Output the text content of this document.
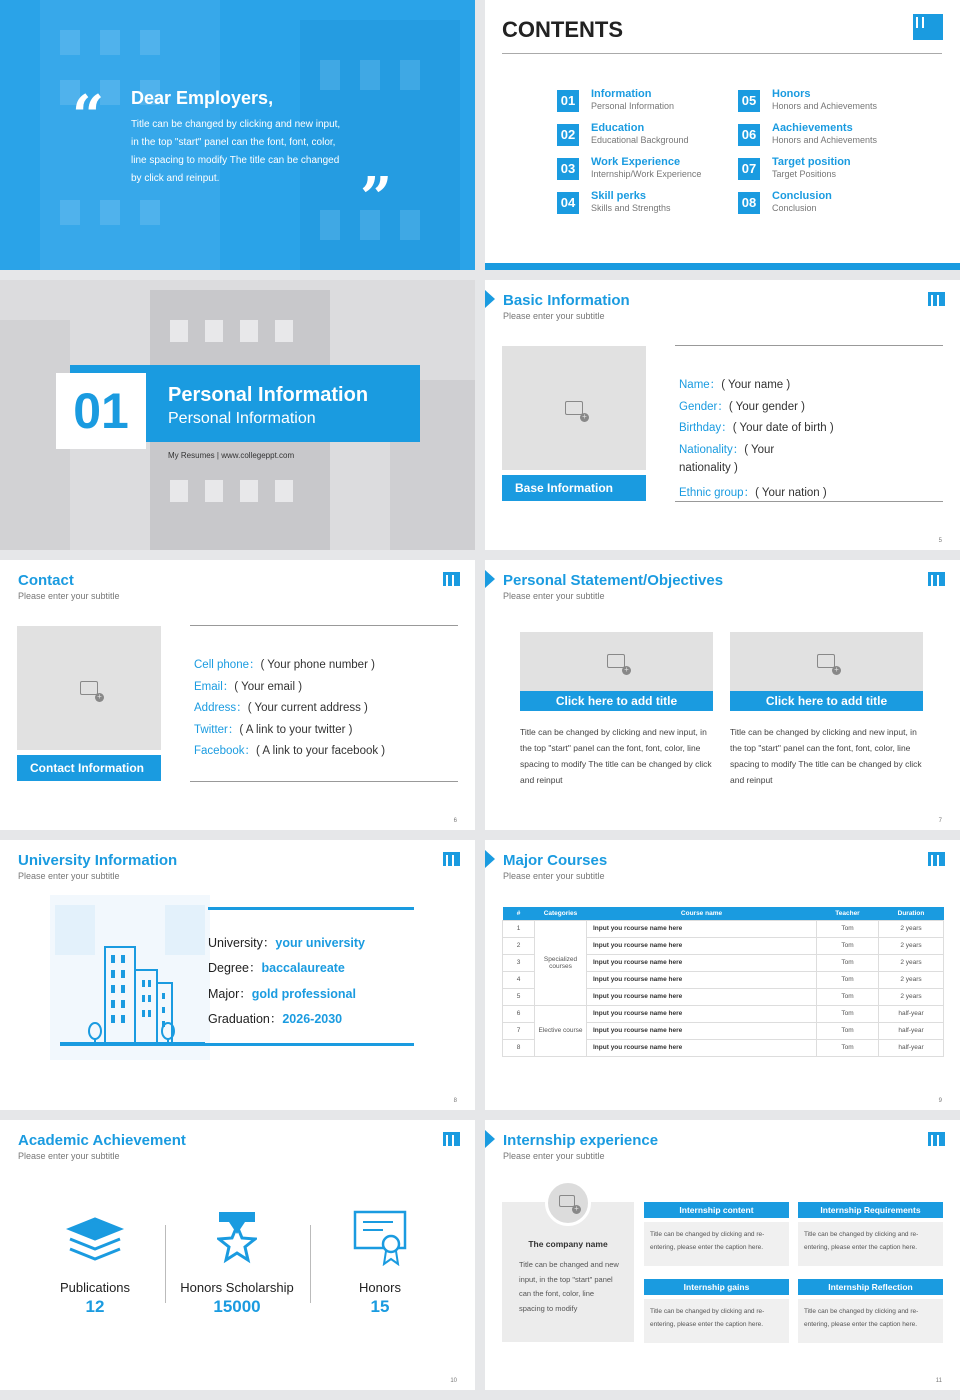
“ Dear Employers,
Title can be changed by clicking and new input, in the top "start" panel can the font, font, color, line spacing to modify The title can be changed by click and reinput.	”
CONTENTS
01	Information
Personal Information
02	Education
Educational Background
03	Work Experience
Internship/Work Experience
04	Skill perks
Skills and Strengths
05	Honors
Honors and Achievements
06	Aachievements
Honors and Achievements
07	Target position
Target Positions
08	Conclusion
Conclusion
01	Personal Information
Personal Information
My Resumes | www.collegeppt.com
Basic Information
Please enter your subtitle
+
Base Information
Name：( Your name )
Gender：( Your gender )
Birthday：( Your date of birth )
Nationality：( Your
nationality )
Ethnic group：( Your nation )
5
Contact
Please enter your subtitle
+
Contact Information
Cell phone：( Your phone number )
Email：( Your email )
Address：( Your current address )
Twitter：( A link to your twitter )
Facebook：( A link to your facebook )
6
Personal Statement/Objectives
Please enter your subtitle
+
Click here to add title
Title can be changed by clicking and new input, in the top "start" panel can the font, font, color, line spacing to modify The title can be changed by click and reinput
+
Click here to add title
Title can be changed by clicking and new input, in the top "start" panel can the font, font, color, line spacing to modify The title can be changed by click and reinput
7
University Information
Please enter your subtitle
University：your university
Degree：baccalaureate
Major：gold professional
Graduation：2026-2030
8
Major Courses
Please enter your subtitle
#	Categories	Course name	Teacher	Duration
1	Specialized courses	Input you rcourse name here	Tom	2 years
2		Input you rcourse name here	Tom	2 years
3		Input you rcourse name here	Tom	2 years
4		Input you rcourse name here	Tom	2 years
5		Input you rcourse name here	Tom	2 years
6	Elective course	Input you rcourse name here	Tom	half-year
7		Input you rcourse name here	Tom	half-year
8		Input you rcourse name here	Tom	half-year
9
Academic Achievement
Please enter your subtitle
Publications
12
Honors Scholarship
15000
Honors
15
10
Internship experience
Please enter your subtitle
+
The company name
Title can be changed and new input, in the top "start" panel can the font, color, line spacing to modify
Internship content
Title can be changed by clicking and re-entering, please enter the caption here.
Internship Requirements
Title can be changed by clicking and re-entering, please enter the caption here.
Internship gains
Title can be changed by clicking and re-entering, please enter the caption here.
Internship Reflection
Title can be changed by clicking and re-entering, please enter the caption here.
11
